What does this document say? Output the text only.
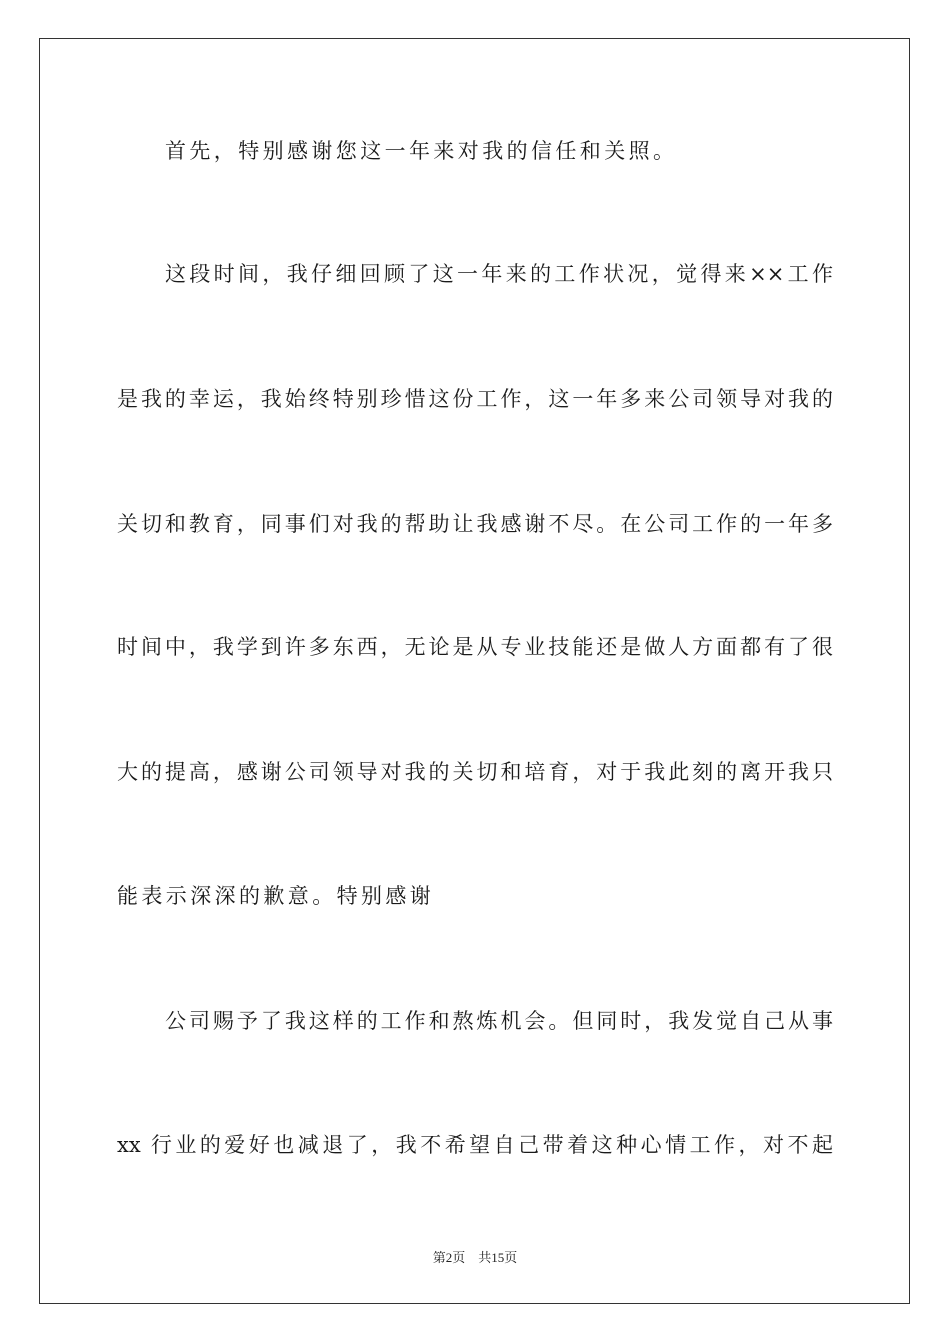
首先，特别感谢您这一年来对我的信任和关照。
这段时间，我仔细回顾了这一年来的工作状况，觉得来××工作
是我的幸运，我始终特别珍惜这份工作，这一年多来公司领导对我的
关切和教育，同事们对我的帮助让我感谢不尽。在公司工作的一年多
时间中，我学到许多东西，无论是从专业技能还是做人方面都有了很
大的提高，感谢公司领导对我的关切和培育，对于我此刻的离开我只
能表示深深的歉意。特别感谢
公司赐予了我这样的工作和熬炼机会。但同时，我发觉自己从事
xx 行业的爱好也减退了，我不希望自己带着这种心情工作，对不起
第2页　共15页
